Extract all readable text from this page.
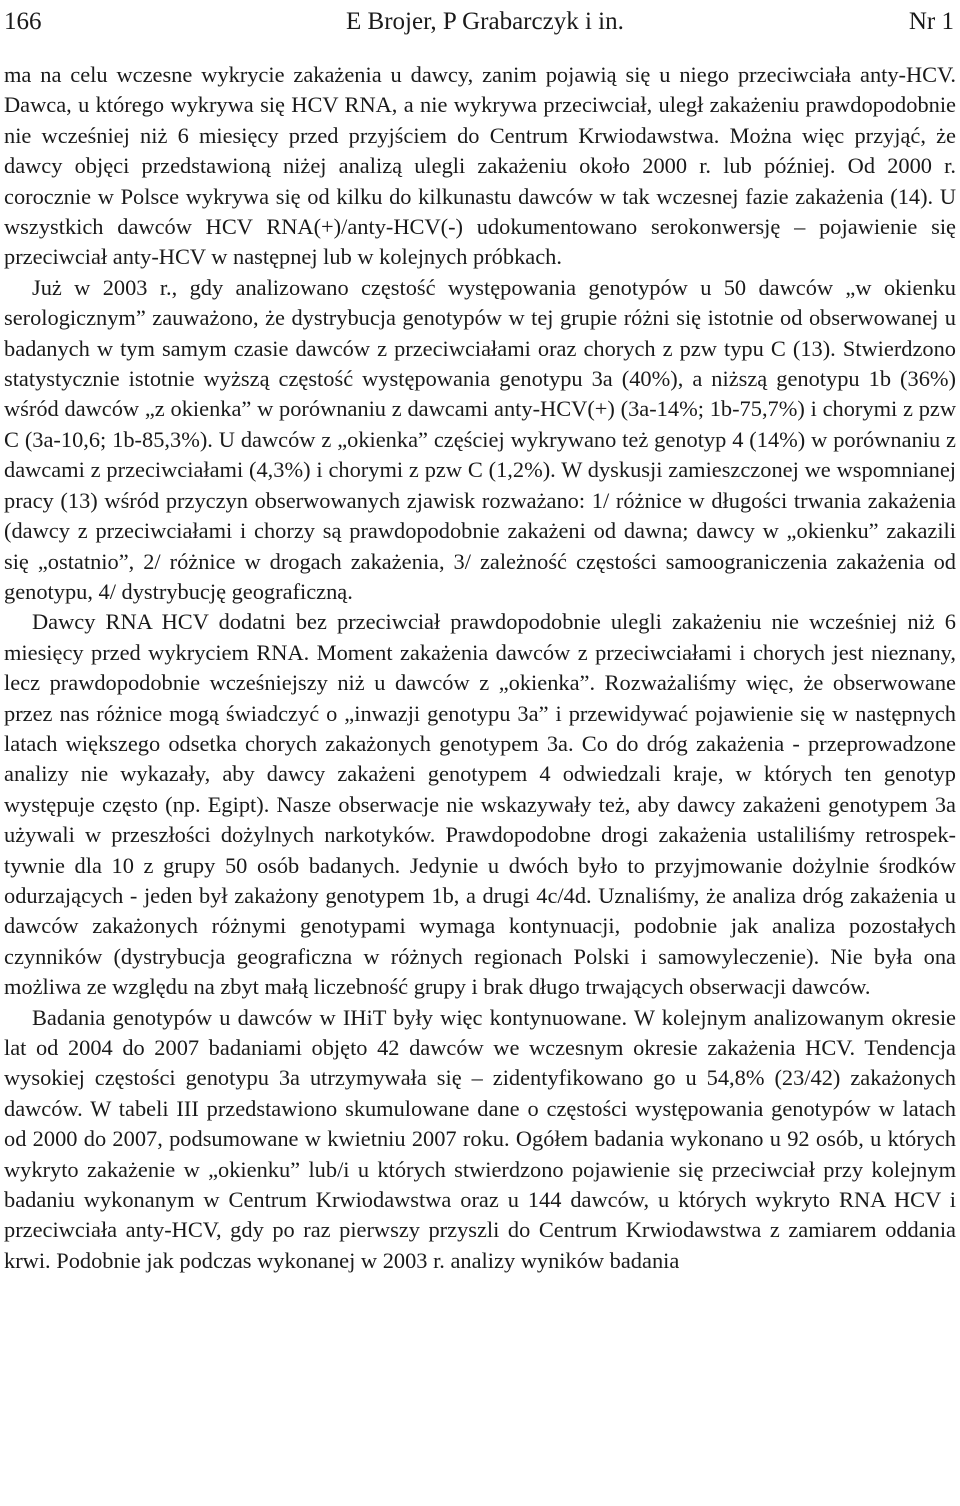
166	E Brojer, P Grabarczyk i in.	Nr 1

ma na celu wczesne wykrycie zakażenia u dawcy, zanim pojawią się u niego przeciwciała anty-HCV. Dawca, u którego wykrywa się HCV RNA, a nie wykrywa przeciwciał, uległ zakażeniu prawdopodobnie nie wcześniej niż 6 miesięcy przed przyjściem do Centrum Krwiodawstwa. Można więc przyjąć, że dawcy objęci przedstawioną niżej analizą ulegli zakażeniu około 2000 r. lub później. Od 2000 r. corocznie w Polsce wykrywa się od kilku do kilkunastu dawców w tak wczesnej fazie zakażenia (14). U wszystkich dawców HCV RNA(+)/anty-HCV(-) udokumentowano serokonwersję – pojawienie się przeciwciał anty-HCV w następnej lub w kolejnych próbkach.

Już w 2003 r., gdy analizowano częstość występowania genotypów u 50 dawców „w okienku serologicznym” zauważono, że dystrybucja genotypów w tej grupie różni się istotnie od obserwowanej u badanych w tym samym czasie dawców z przeciwciałami oraz chorych z pzw typu C (13). Stwierdzono statystycznie istotnie wyższą częstość występowania genotypu 3a (40%), a niższą genotypu 1b (36%) wśród dawców „z okienka” w porównaniu z dawcami anty-HCV(+) (3a-14%; 1b-75,7%) i chorymi z pzw C (3a-10,6; 1b-85,3%). U dawców z „okienka” częściej wykrywano też genotyp 4 (14%) w porównaniu z dawcami z przeciwciałami (4,3%) i chorymi z pzw C (1,2%). W dyskusji zamieszczonej we wspomnianej pracy (13) wśród przyczyn obserwowanych zjawisk rozważano: 1/ różnice w długości trwania zakażenia (dawcy z przeciwciałami i chorzy są prawdopodobnie zakażeni od dawna; dawcy w „okienku” zakazili się „ostatnio”, 2/ różnice w drogach zakażenia, 3/ zależność częstości samoograniczenia zakażenia od genotypu, 4/ dystrybucję geograficzną.

Dawcy RNA HCV dodatni bez przeciwciał prawdopodobnie ulegli zakażeniu nie wcześniej niż 6 miesięcy przed wykryciem RNA. Moment zakażenia dawców z przeciwciałami i chorych jest nieznany, lecz prawdopodobnie wcześniejszy niż u dawców z „okienka”. Rozważaliśmy więc, że obserwowane przez nas różnice mogą świadczyć o „inwazji genotypu 3a” i przewidywać pojawienie się w następnych latach większego odsetka chorych zakażonych genotypem 3a. Co do dróg zakażenia - przeprowadzone analizy nie wykazały, aby dawcy zakażeni genotypem 4 odwiedzali kraje, w których ten genotyp występuje często (np. Egipt). Nasze obserwacje nie wskazywały też, aby dawcy zakażeni genotypem 3a używali w przeszłości dożylnych narkotyków. Prawdopodobne drogi zakażenia ustaliliśmy retrospektywnie dla 10 z grupy 50 osób badanych. Jedynie u dwóch było to przyjmowanie dożylnie środków odurzających - jeden był zakażony genotypem 1b, a drugi 4c/4d. Uznaliśmy, że analiza dróg zakażenia u dawców zakażonych różnymi genotypami wymaga kontynuacji, podobnie jak analiza pozostałych czynników (dystrybucja geograficzna w różnych regionach Polski i samowyleczenie). Nie była ona możliwa ze względu na zbyt małą liczebność grupy i brak długo trwających obserwacji dawców.

Badania genotypów u dawców w IHiT były więc kontynuowane. W kolejnym analizowanym okresie lat od 2004 do 2007 badaniami objęto 42 dawców we wczesnym okresie zakażenia HCV. Tendencja wysokiej częstości genotypu 3a utrzymywała się – zidentyfikowano go u 54,8% (23/42) zakażonych dawców. W tabeli III przedstawiono skumulowane dane o częstości występowania genotypów w latach od 2000 do 2007, podsumowane w kwietniu 2007 roku. Ogółem badania wykonano u 92 osób, u których wykryto zakażenie w „okienku” lub/i u których stwierdzono pojawienie się przeciwciał przy kolejnym badaniu wykonanym w Centrum Krwiodawstwa oraz u 144 dawców, u których wykryto RNA HCV i przeciwciała anty-HCV, gdy po raz pierwszy przyszli do Centrum Krwiodawstwa z zamiarem oddania krwi. Podobnie jak podczas wykonanej w 2003 r. analizy wyników badania
